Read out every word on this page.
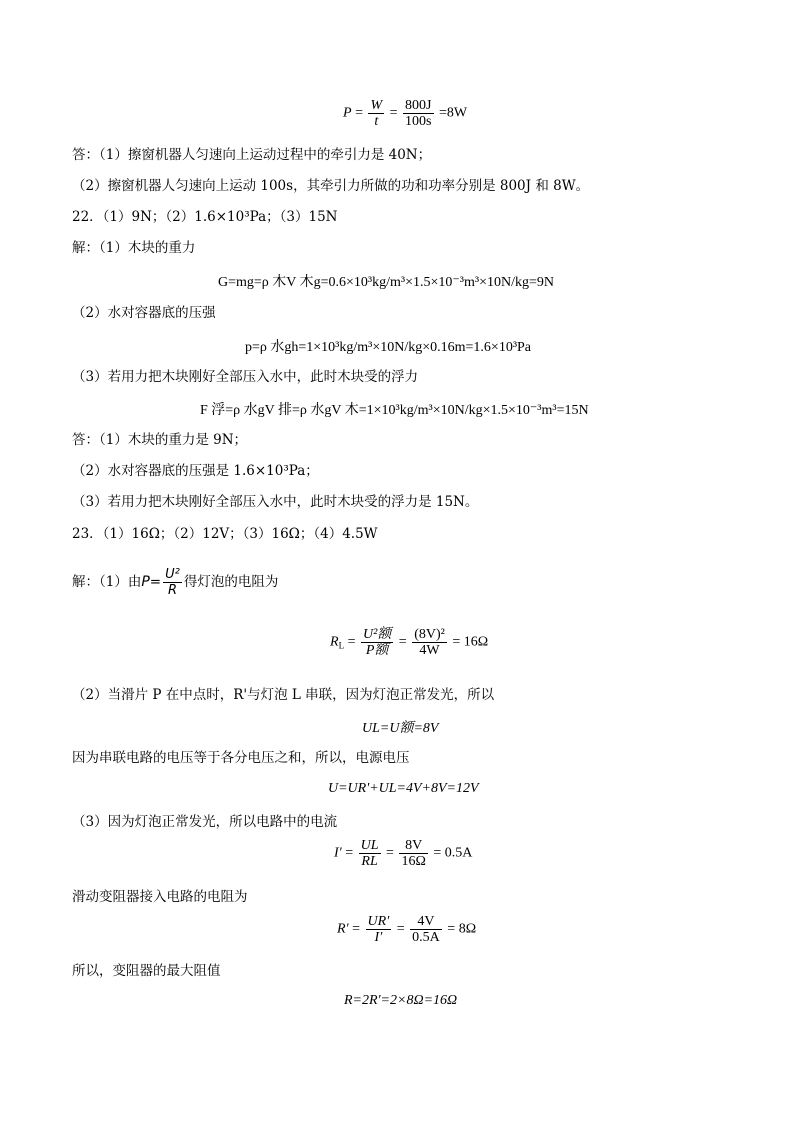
$P = \frac{W}{t} = \frac{800J}{100s} =8W$
答：（1）擦窗机器人匀速向上运动过程中的牵引力是 40N；
（2）擦窗机器人匀速向上运动 100s，其牵引力所做的功和功率分别是 800J 和 8W。
22．（1）9N；（2）1.6×10³Pa；（3）15N
解：（1）木块的重力
G=mg=ρ 木V 木g=0.6×10³kg/m³×1.5×10⁻³m³×10N/kg=9N
（2）水对容器底的压强
p=ρ 水gh=1×10³kg/m³×10N/kg×0.16m=1.6×10³Pa
（3）若用力把木块刚好全部压入水中，此时木块受的浮力
F 浮=ρ 水gV 排=ρ 水gV 木=1×10³kg/m³×10N/kg×1.5×10⁻³m³=15N
答：（1）木块的重力是 9N；
（2）水对容器底的压强是 1.6×10³Pa；
（3）若用力把木块刚好全部压入水中，此时木块受的浮力是 15N。
23．（1）16Ω；（2）12V；（3）16Ω；（4）4.5W
解：（1）由 $P = \frac{\text{U²}}{R}$ 得灯泡的电阻为
$R_L = \frac{\text{U²额}}{\text{P额}} = \frac{\text{(8V)²}}{4W} = 16\Omega$
（2）当滑片 P 在中点时，R'与灯泡 L 串联，因为灯泡正常发光，所以
UL=U额=8V
因为串联电路的电压等于各分电压之和，所以，电源电压
U=UR'+UL=4V+8V=12V
（3）因为灯泡正常发光，所以电路中的电流
$I' = \frac{UL}{RL} = \frac{8V}{16\Omega} = 0.5A$
滑动变阻器接入电路的电阻为
$R' = \frac{UR'}{I'} = \frac{4V}{0.5A} = 8\Omega$
所以，变阻器的最大阻值
R=2R'=2×8Ω=16Ω
